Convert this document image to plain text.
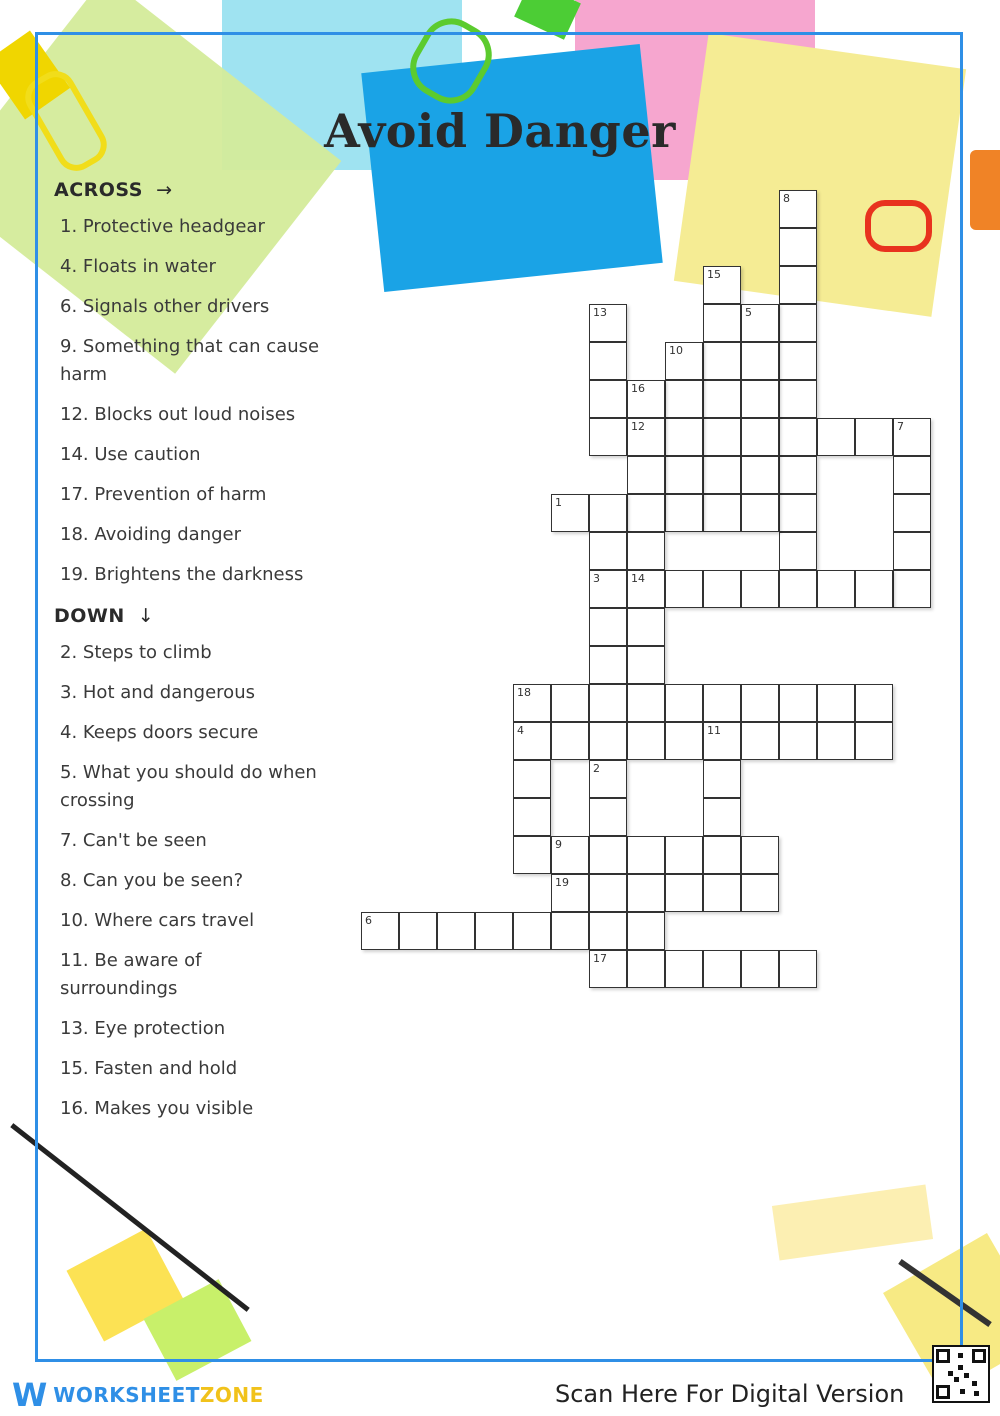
Avoid Danger
ACROSS →
1. Protective headgear
4. Floats in water
6. Signals other drivers
9. Something that can cause harm
12. Blocks out loud noises
14. Use caution
17. Prevention of harm
18. Avoiding danger
19. Brightens the darkness
DOWN ↓
2. Steps to climb
3. Hot and dangerous
4. Keeps doors secure
5. What you should do when crossing
7. Can't be seen
8. Can you be seen?
10. Where cars travel
11. Be aware of surroundings
13. Eye protection
15. Fasten and hold
16. Makes you visible
8
15
5
13
10
16
12	7
1
3	14
18
4	11
2
9
19
6
17
W WORKSHEETZONE	Scan Here For Digital Version
